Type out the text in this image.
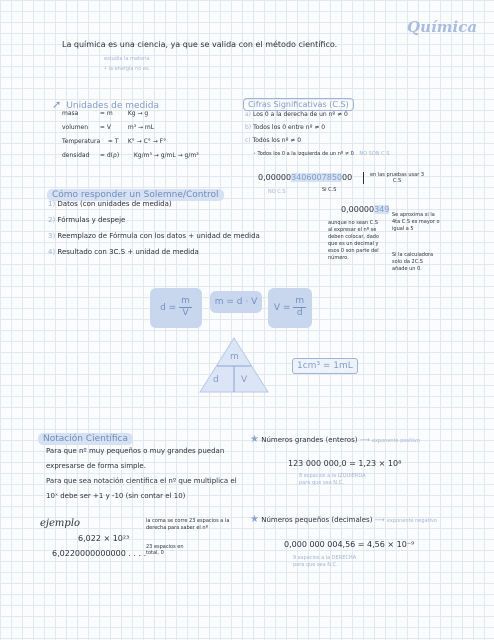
Química
La química es una ciencia, ya que se valida con el método científico.
estudia la materia
• la energía no es.
➚ Unidades de medida
masa	= m	Kg → g
volumen = V	m³ → mL
Temperatura = T K° → C° → F°
densidad = d(ρ) Kg/m³ → g/mL → g/m³
Cifras Significativas (C.S)
a) Los 0 a la derecha de un nº ≠ 0
b) Todos los 0 entre nº ≠ 0
c) Todos los nº ≠ 0
• Todos los 0 a la izquierda de un nº ≠ 0 NO SON C.S
0,00000340600785000
NO C.S	Si C.S
en las pruebas usar 3 C.S
0,00000349
aunque no sean C.S al expresar el nº se deben colocar, dado que es un decimal y esos 0 son parte del número.
Se aproxima si la 4ta C.S es mayor o igual a 5
Si la calculadora solo da 2C.S añade un 0.
Cómo responder un Solemne/Control
1) Datos (con unidades de medida)
2) Fórmulas y despeje
3) Reemplazo de Fórmula con los datos + unidad de medida
4) Resultado con 3C.S + unidad de medida
$d = \frac{m}{V}$	m = d · V
$V = \frac{m}{d}$
m
d V
1cm³ = 1mL
Notación Científica
Para que nº muy pequeños o muy grandes puedan expresarse de forma simple.
Para que sea notación científica el nº que multiplica el 10ˣ debe ser +1 y -10 (sin contar el 10)
ejemplo
6,022 × 10²³
la coma se corre 23 espacios a la derecha para saber el nº
6,0220000000000 . . . .
23 espacios en total, 0
★ Números grandes (enteros) ⟶ exponente positivo
123 000 000,0 = 1,23 × 10⁸
8 espacios a la IZQUIERDA para que sea N.C.
★ Números pequeños (decimales) ⟶ exponente negativo
0,000 000 004,56 = 4,56 × 10⁻⁹
9 espacios a la DERECHA para que sea N.C.
